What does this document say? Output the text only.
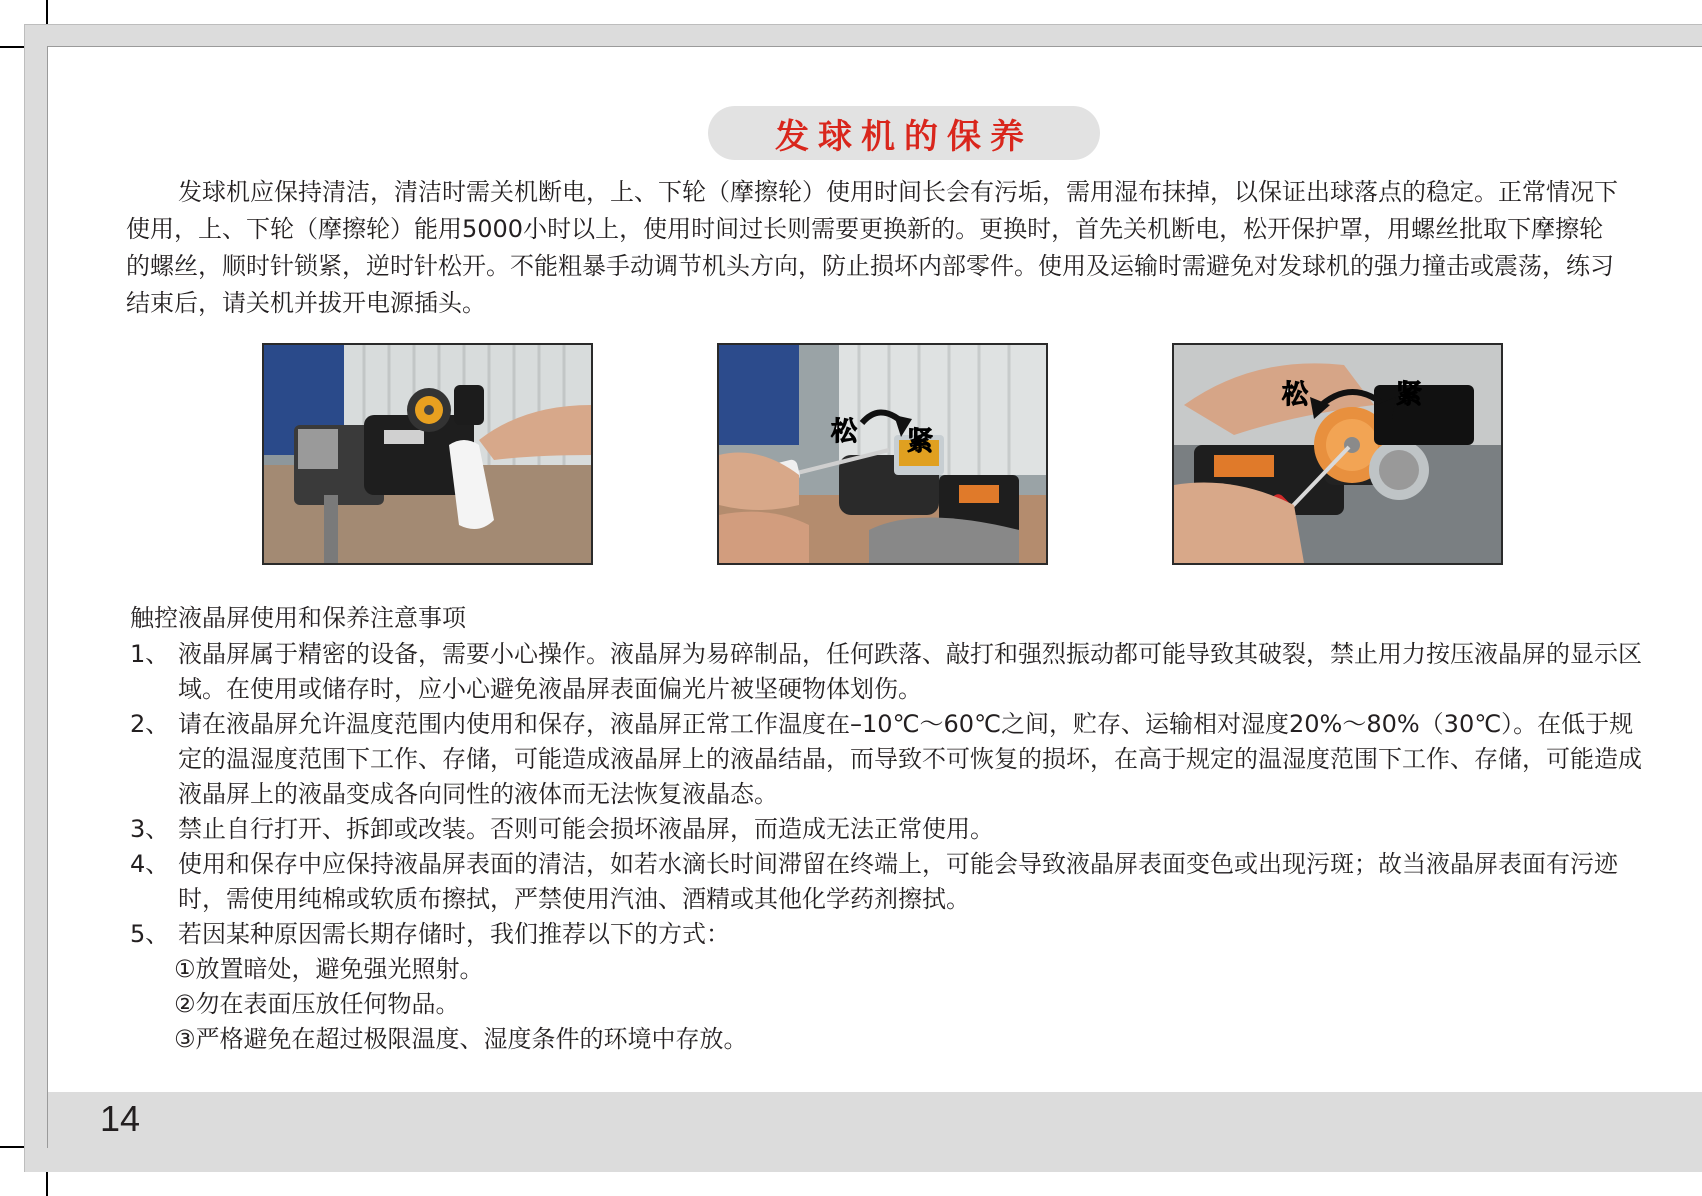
发球机的保养

发球机应保持清洁，清洁时需关机断电，上、下轮（摩擦轮）使用时间长会有污垢，需用湿布抹掉，以保证出球落点的稳定。正常情况下使用，上、下轮（摩擦轮）能用5000小时以上，使用时间过长则需要更换新的。更换时，首先关机断电，松开保护罩，用螺丝批取下摩擦轮的螺丝，顺时针锁紧，逆时针松开。不能粗暴手动调节机头方向，防止损坏内部零件。使用及运输时需避免对发球机的强力撞击或震荡，练习结束后，请关机并拔开电源插头。

松 紧
松	紧
触控液晶屏使用和保养注意事项
1、 液晶屏属于精密的设备，需要小心操作。液晶屏为易碎制品，任何跌落、敲打和强烈振动都可能导致其破裂，禁止用力按压液晶屏的显示区域。在使用或储存时，应小心避免液晶屏表面偏光片被坚硬物体划伤。
2、 请在液晶屏允许温度范围内使用和保存，液晶屏正常工作温度在–10℃～60℃之间，贮存、运输相对湿度20%～80%（30℃）。在低于规定的温湿度范围下工作、存储，可能造成液晶屏上的液晶结晶，而导致不可恢复的损坏，在高于规定的温湿度范围下工作、存储，可能造成液晶屏上的液晶变成各向同性的液体而无法恢复液晶态。
3、 禁止自行打开、拆卸或改装。否则可能会损坏液晶屏，而造成无法正常使用。
4、 使用和保存中应保持液晶屏表面的清洁，如若水滴长时间滞留在终端上，可能会导致液晶屏表面变色或出现污斑；故当液晶屏表面有污迹时，需使用纯棉或软质布擦拭，严禁使用汽油、酒精或其他化学药剂擦拭。
5、 若因某种原因需长期存储时，我们推荐以下的方式：
①放置暗处，避免强光照射。
②勿在表面压放任何物品。
③严格避免在超过极限温度、湿度条件的环境中存放。
14
